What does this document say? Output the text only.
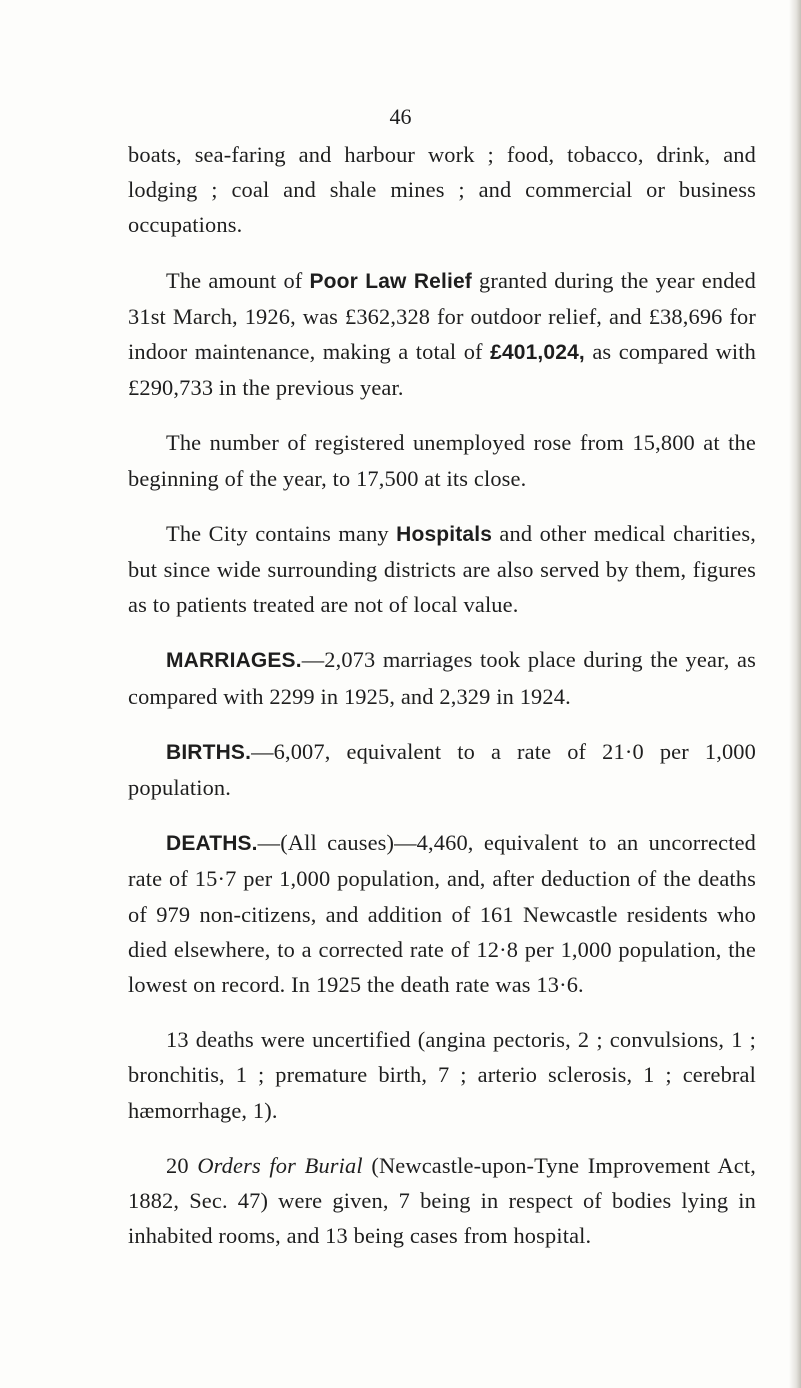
46

boats, sea-faring and harbour work ; food, tobacco, drink, and lodging ; coal and shale mines ; and commercial or business occupations.

The amount of Poor Law Relief granted during the year ended 31st March, 1926, was £362,328 for outdoor relief, and £38,696 for indoor maintenance, making a total of £401,024, as compared with £290,733 in the previous year.

The number of registered unemployed rose from 15,800 at the beginning of the year, to 17,500 at its close.

The City contains many Hospitals and other medical charities, but since wide surrounding districts are also served by them, figures as to patients treated are not of local value.

MARRIAGES.—2,073 marriages took place during the year, as compared with 2299 in 1925, and 2,329 in 1924.

BIRTHS.—6,007, equivalent to a rate of 21·0 per 1,000 population.

DEATHS.—(All causes)—4,460, equivalent to an uncorrected rate of 15·7 per 1,000 population, and, after deduction of the deaths of 979 non-citizens, and addition of 161 Newcastle residents who died elsewhere, to a corrected rate of 12·8 per 1,000 population, the lowest on record. In 1925 the death rate was 13·6.

13 deaths were uncertified (angina pectoris, 2 ; convulsions, 1 ; bronchitis, 1 ; premature birth, 7 ; arterio sclerosis, 1 ; cerebral hæmorrhage, 1).

20 Orders for Burial (Newcastle-upon-Tyne Improvement Act, 1882, Sec. 47) were given, 7 being in respect of bodies lying in inhabited rooms, and 13 being cases from hospital.
